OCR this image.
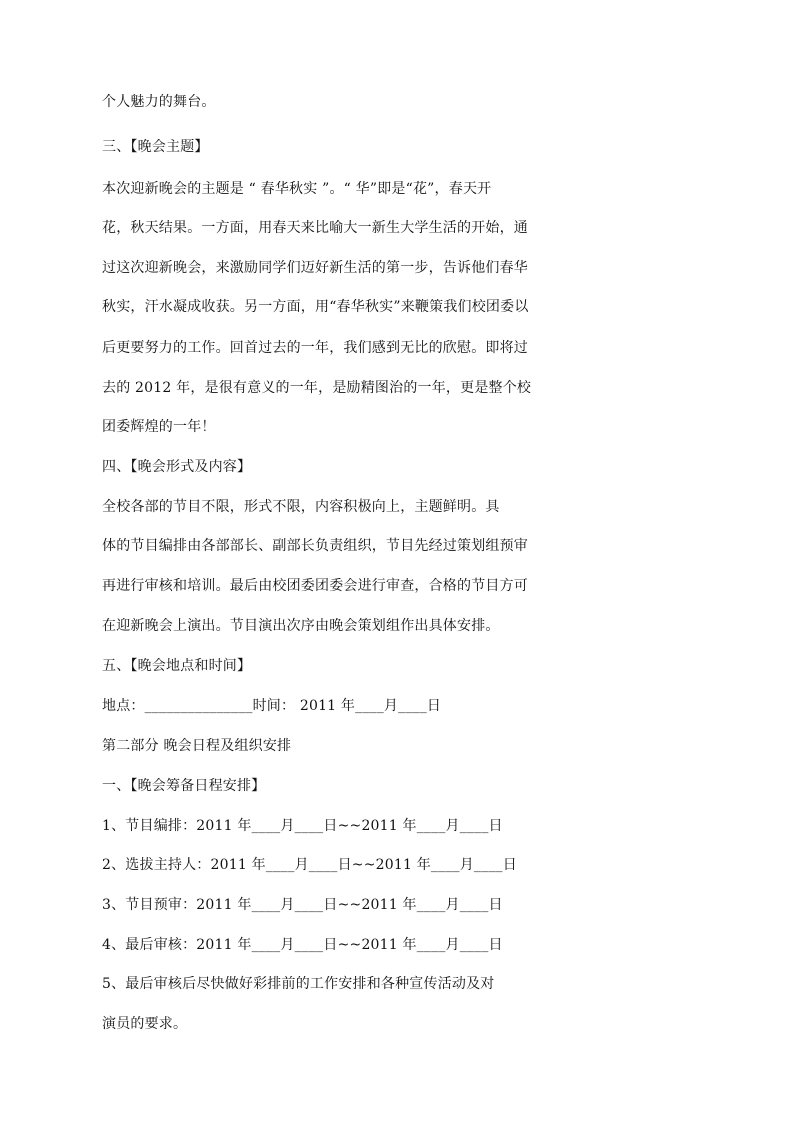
个人魅力的舞台。
三、【晚会主题】
本次迎新晚会的主题是 “ 春华秋实 ”。“ 华”即是“花”，春天开
花，秋天结果。一方面，用春天来比喻大一新生大学生活的开始，通
过这次迎新晚会，来激励同学们迈好新生活的第一步，告诉他们春华
秋实，汗水凝成收获。另一方面，用“春华秋实”来鞭策我们校团委以
后更要努力的工作。回首过去的一年，我们感到无比的欣慰。即将过
去的 2012 年，是很有意义的一年，是励精图治的一年，更是整个校
团委辉煌的一年！
四、【晚会形式及内容】
全校各部的节目不限，形式不限，内容积极向上，主题鲜明。具
体的节目编排由各部部长、副部长负责组织，节目先经过策划组预审
再进行审核和培训。最后由校团委团委会进行审查，合格的节目方可
在迎新晚会上演出。节目演出次序由晚会策划组作出具体安排。
五、【晚会地点和时间】
地点：_______________时间： 2011 年____月____日
第二部分 晚会日程及组织安排
一、【晚会筹备日程安排】
1、节目编排：2011 年____月____日~~2011 年____月____日
2、选拔主持人：2011 年____月____日~~2011 年____月____日
3、节目预审：2011 年____月____日~~2011 年____月____日
4、最后审核：2011 年____月____日~~2011 年____月____日
5、最后审核后尽快做好彩排前的工作安排和各种宣传活动及对
演员的要求。
